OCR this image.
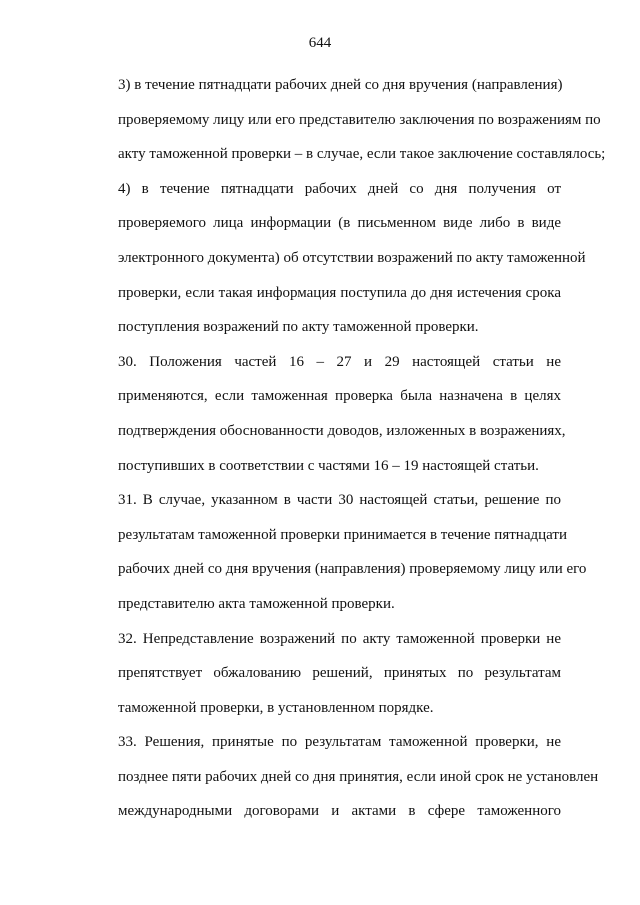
644

3) в течение пятнадцати рабочих дней со дня вручения (направления)
проверяемому лицу или его представителю заключения по возражениям по
акту таможенной проверки – в случае, если такое заключение составлялось;

4) в течение пятнадцати рабочих дней со дня получения от
проверяемого лица информации (в письменном виде либо в виде
электронного документа) об отсутствии возражений по акту таможенной
проверки, если такая информация поступила до дня истечения срока
поступления возражений по акту таможенной проверки.

30. Положения частей 16 – 27 и 29 настоящей статьи не
применяются, если таможенная проверка была назначена в целях
подтверждения обоснованности доводов, изложенных в возражениях,
поступивших в соответствии с частями 16 – 19 настоящей статьи.

31. В случае, указанном в части 30 настоящей статьи, решение по
результатам таможенной проверки принимается в течение пятнадцати
рабочих дней со дня вручения (направления) проверяемому лицу или его
представителю акта таможенной проверки.

32. Непредставление возражений по акту таможенной проверки не
препятствует обжалованию решений, принятых по результатам
таможенной проверки, в установленном порядке.

33. Решения, принятые по результатам таможенной проверки, не
позднее пяти рабочих дней со дня принятия, если иной срок не установлен
международными договорами и актами в сфере таможенного
